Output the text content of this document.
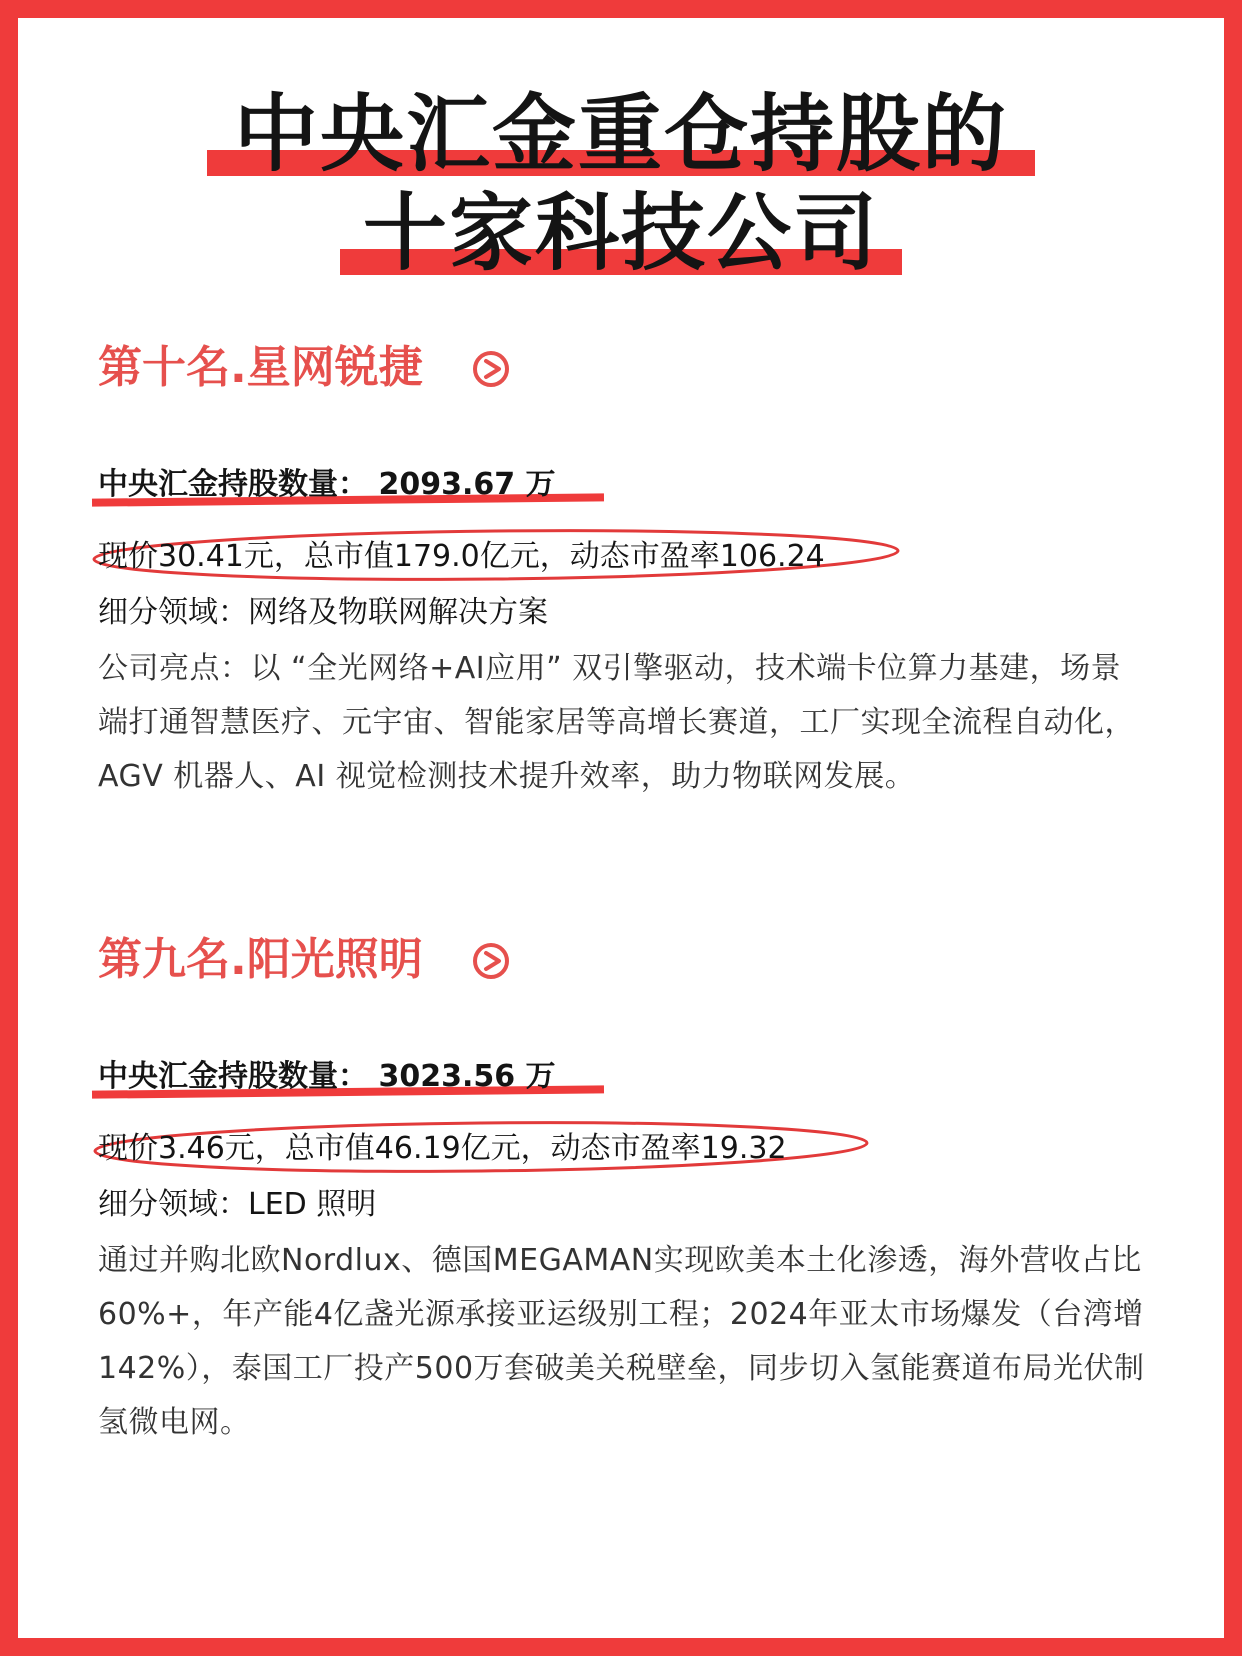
中央汇金重仓持股的
十家科技公司
第十名.星网锐捷
中央汇金持股数量： 2093.67 万
现价30.41元，总市值179.0亿元，动态市盈率106.24
细分领域：网络及物联网解决方案
公司亮点：以 “全光网络+AI应用” 双引擎驱动，技术端卡位算力基建，场景端打通智慧医疗、元宇宙、智能家居等高增长赛道，工厂实现全流程自动化，AGV 机器人、AI 视觉检测技术提升效率，助力物联网发展。
第九名.阳光照明
中央汇金持股数量： 3023.56 万
现价3.46元，总市值46.19亿元，动态市盈率19.32
细分领域：LED 照明
通过并购北欧Nordlux、德国MEGAMAN实现欧美本土化渗透，海外营收占比60%+，年产能4亿盏光源承接亚运级别工程；2024年亚太市场爆发（台湾增142%），泰国工厂投产500万套破美关税壁垒，同步切入氢能赛道布局光伏制氢微电网。
